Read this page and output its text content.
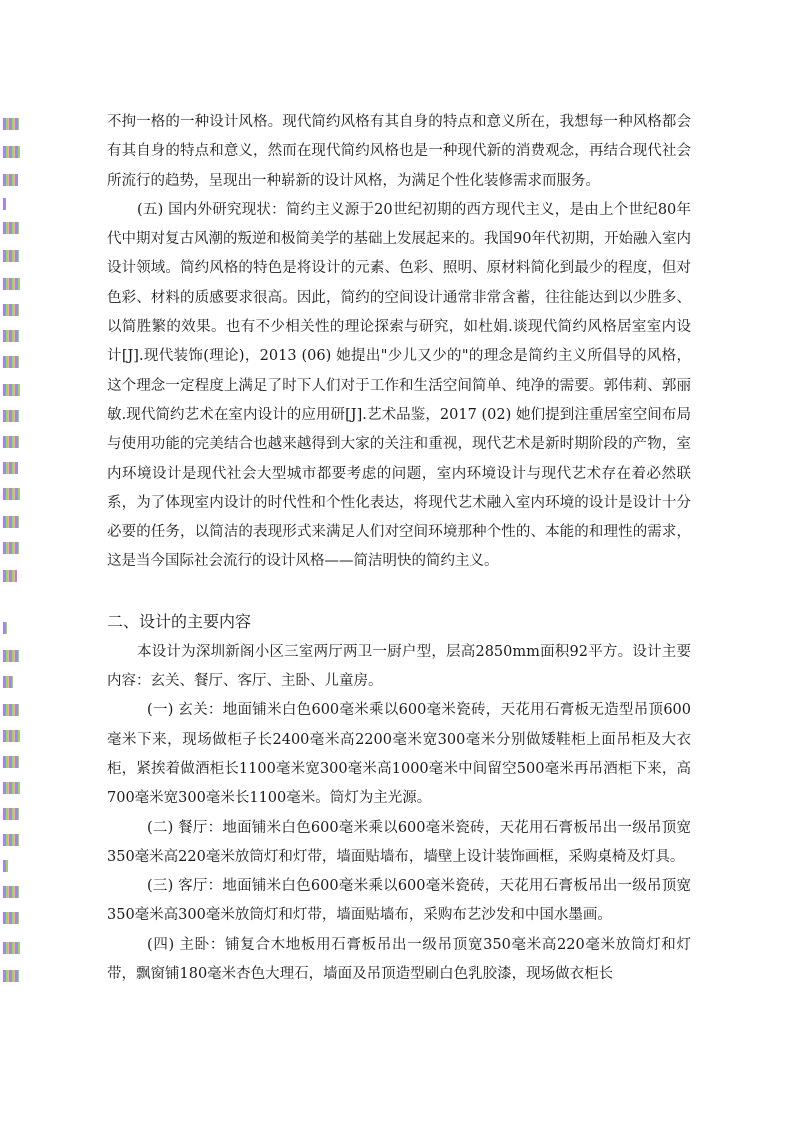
不拘一格的一种设计风格。现代简约风格有其自身的特点和意义所在，我想每一种风格都会有其自身的特点和意义，然而在现代简约风格也是一种现代新的消费观念，再结合现代社会所流行的趋势，呈现出一种崭新的设计风格，为满足个性化装修需求而服务。

(五) 国内外研究现状：简约主义源于20世纪初期的西方现代主义，是由上个世纪80年代中期对复古风潮的叛逆和极简美学的基础上发展起来的。我国90年代初期，开始融入室内设计领域。简约风格的特色是将设计的元素、色彩、照明、原材料简化到最少的程度，但对色彩、材料的质感要求很高。因此，简约的空间设计通常非常含蓄，往往能达到以少胜多、以简胜繁的效果。也有不少相关性的理论探索与研究，如杜娟.谈现代简约风格居室室内设计[J].现代装饰(理论)，2013 (06) 她提出"少儿又少的"的理念是简约主义所倡导的风格，这个理念一定程度上满足了时下人们对于工作和生活空间简单、纯净的需要。郭伟莉、郭丽敏.现代简约艺术在室内设计的应用研[J].艺术品鉴，2017 (02) 她们提到注重居室空间布局与使用功能的完美结合也越来越得到大家的关注和重视，现代艺术是新时期阶段的产物，室内环境设计是现代社会大型城市都要考虑的问题，室内环境设计与现代艺术存在着必然联系，为了体现室内设计的时代性和个性化表达，将现代艺术融入室内环境的设计是设计十分必要的任务，以简洁的表现形式来满足人们对空间环境那种个性的、本能的和理性的需求，这是当今国际社会流行的设计风格——简洁明快的简约主义。

二、设计的主要内容

本设计为深圳新阁小区三室两厅两卫一厨户型，层高2850mm面积92平方。设计主要内容：玄关、餐厅、客厅、主卧、儿童房。

(一) 玄关：地面铺米白色600毫米乘以600毫米瓷砖，天花用石膏板无造型吊顶600毫米下来，现场做柜子长2400毫米高2200毫米宽300毫米分别做矮鞋柜上面吊柜及大衣柜，紧挨着做酒柜长1100毫米宽300毫米高1000毫米中间留空500毫米再吊酒柜下来，高700毫米宽300毫米长1100毫米。筒灯为主光源。

(二) 餐厅：地面铺米白色600毫米乘以600毫米瓷砖，天花用石膏板吊出一级吊顶宽350毫米高220毫米放筒灯和灯带，墙面贴墙布，墙壁上设计装饰画框，采购桌椅及灯具。

(三) 客厅：地面铺米白色600毫米乘以600毫米瓷砖，天花用石膏板吊出一级吊顶宽350毫米高300毫米放筒灯和灯带，墙面贴墙布，采购布艺沙发和中国水墨画。

(四) 主卧：铺复合木地板用石膏板吊出一级吊顶宽350毫米高220毫米放筒灯和灯带，飘窗铺180毫米杏色大理石，墙面及吊顶造型刷白色乳胶漆，现场做衣柜长
